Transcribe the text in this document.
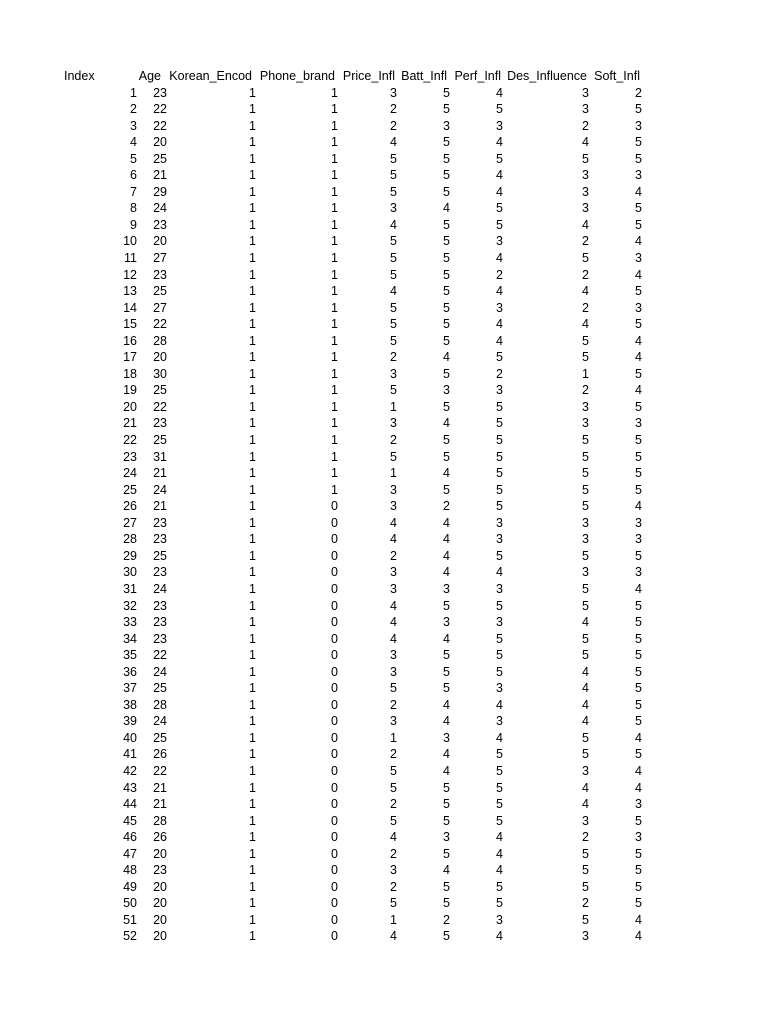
Index	Age Korean_Encod Phone_brand Price_Infl Batt_Infl Perf_Infl Des_Influence Soft_Infl
1 23	1	1	3	5	4	3	2
2 22	1	1	2	5	5	3	5
3 22	1	1	2	3	3	2	3
4 20	1	1	4	5	4	4	5
5 25	1	1	5	5	5	5	5
6 21	1	1	5	5	4	3	3
7 29	1	1	5	5	4	3	4
8 24	1	1	3	4	5	3	5
9 23	1	1	4	5	5	4	5
10 20	1	1	5	5	3	2	4
11 27	1	1	5	5	4	5	3
12 23	1	1	5	5	2	2	4
13 25	1	1	4	5	4	4	5
14 27	1	1	5	5	3	2	3
15 22	1	1	5	5	4	4	5
16 28	1	1	5	5	4	5	4
17 20	1	1	2	4	5	5	4
18 30	1	1	3	5	2	1	5
19 25	1	1	5	3	3	2	4
20 22	1	1	1	5	5	3	5
21 23	1	1	3	4	5	3	3
22 25	1	1	2	5	5	5	5
23 31	1	1	5	5	5	5	5
24 21	1	1	1	4	5	5	5
25 24	1	1	3	5	5	5	5
26 21	1	0	3	2	5	5	4
27 23	1	0	4	4	3	3	3
28 23	1	0	4	4	3	3	3
29 25	1	0	2	4	5	5	5
30 23	1	0	3	4	4	3	3
31 24	1	0	3	3	3	5	4
32 23	1	0	4	5	5	5	5
33 23	1	0	4	3	3	4	5
34 23	1	0	4	4	5	5	5
35 22	1	0	3	5	5	5	5
36 24	1	0	3	5	5	4	5
37 25	1	0	5	5	3	4	5
38 28	1	0	2	4	4	4	5
39 24	1	0	3	4	3	4	5
40 25	1	0	1	3	4	5	4
41 26	1	0	2	4	5	5	5
42 22	1	0	5	4	5	3	4
43 21	1	0	5	5	5	4	4
44 21	1	0	2	5	5	4	3
45 28	1	0	5	5	5	3	5
46 26	1	0	4	3	4	2	3
47 20	1	0	2	5	4	5	5
48 23	1	0	3	4	4	5	5
49 20	1	0	2	5	5	5	5
50 20	1	0	5	5	5	2	5
51 20	1	0	1	2	3	5	4
52 20	1	0	4	5	4	3	4
